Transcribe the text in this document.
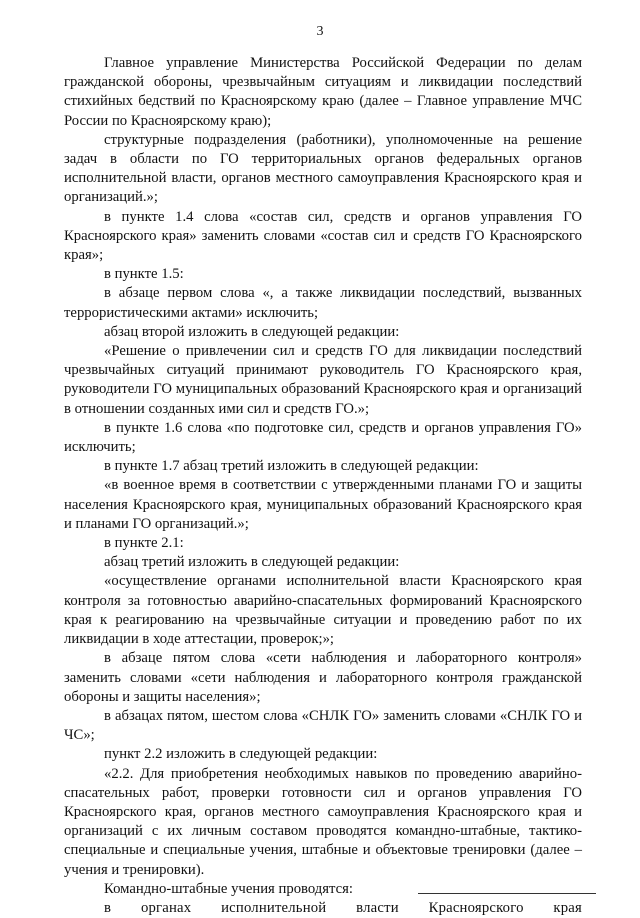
3

Главное управление Министерства Российской Федерации по делам гражданской обороны, чрезвычайным ситуациям и ликвидации последствий стихийных бедствий по Красноярскому краю (далее – Главное управление МЧС России по Красноярскому краю);

структурные подразделения (работники), уполномоченные на решение задач в области по ГО территориальных органов федеральных органов исполнительной власти, органов местного самоуправления Красноярского края и организаций.»;

в пункте 1.4 слова «состав сил, средств и органов управления ГО Красноярского края» заменить словами «состав сил и средств ГО Красноярского края»;

в пункте 1.5:

в абзаце первом слова «, а также ликвидации последствий, вызванных террористическими актами» исключить;

абзац второй изложить в следующей редакции:

«Решение о привлечении сил и средств ГО для ликвидации последствий чрезвычайных ситуаций принимают руководитель ГО Красноярского края, руководители ГО муниципальных образований Красноярского края и организаций в отношении созданных ими сил и средств ГО.»;

в пункте 1.6 слова «по подготовке сил, средств и органов управления ГО» исключить;

в пункте 1.7 абзац третий изложить в следующей редакции:

«в военное время в соответствии с утвержденными планами ГО и защиты населения Красноярского края, муниципальных образований Красноярского края и планами ГО организаций.»;

в пункте 2.1:

абзац третий изложить в следующей редакции:

«осуществление органами исполнительной власти Красноярского края контроля за готовностью аварийно-спасательных формирований Красноярского края к реагированию на чрезвычайные ситуации и проведению работ по их ликвидации в ходе аттестации, проверок;»;

в абзаце пятом слова «сети наблюдения и лабораторного контроля» заменить словами «сети наблюдения и лабораторного контроля гражданской обороны и защиты населения»;

в абзацах пятом, шестом слова «СНЛК ГО» заменить словами «СНЛК ГО и ЧС»;

пункт 2.2 изложить в следующей редакции:

«2.2. Для приобретения необходимых навыков по проведению аварийно-спасательных работ, проверки готовности сил и органов управления ГО Красноярского края, органов местного самоуправления Красноярского края и организаций с их личным составом проводятся командно-штабные, тактико-специальные и специальные учения, штабные и объектовые тренировки (далее – учения и тренировки).

Командно-штабные учения проводятся:

в органах исполнительной власти Красноярского края
